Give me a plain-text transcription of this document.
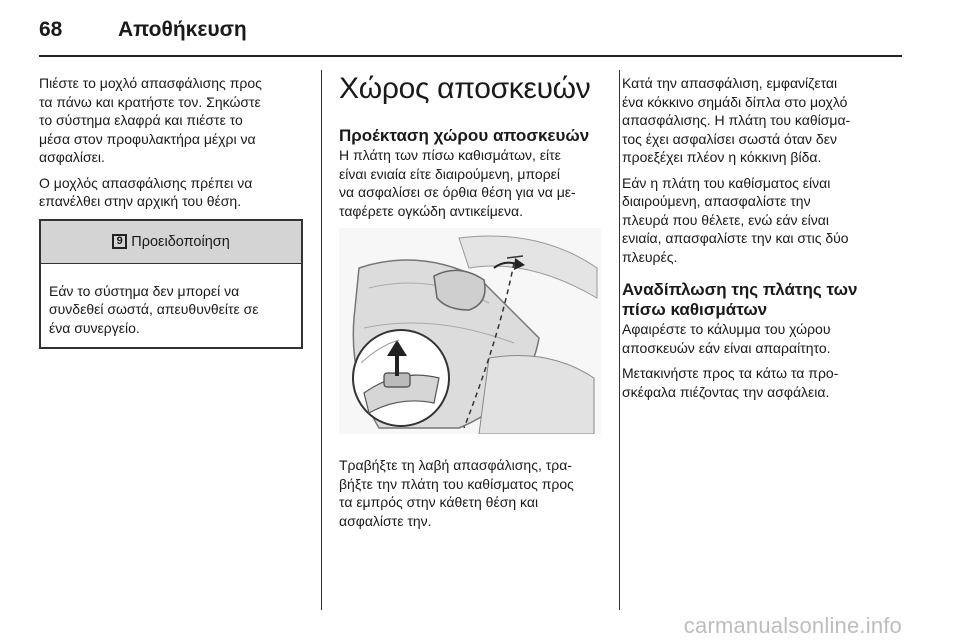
68	Αποθήκευση

Πιέστε το μοχλό απασφάλισης προς
τα πάνω και κρατήστε τον. Σηκώστε
το σύστημα ελαφρά και πιέστε το
μέσα στον προφυλακτήρα μέχρι να
ασφαλίσει.

Ο μοχλός απασφάλισης πρέπει να
επανέλθει στην αρχική του θέση.

9 Προειδοποίηση
Εάν το σύστημα δεν μπορεί να
συνδεθεί σωστά, απευθυνθείτε σε
ένα συνεργείο.
Χώρος αποσκευών
Προέκταση χώρου αποσκευών

Η πλάτη των πίσω καθισμάτων, είτε
είναι ενιαία είτε διαιρούμενη, μπορεί
να ασφαλίσει σε όρθια θέση για να με-
ταφέρετε ογκώδη αντικείμενα.

Τραβήξτε τη λαβή απασφάλισης, τρα-
βήξτε την πλάτη του καθίσματος προς
τα εμπρός στην κάθετη θέση και
ασφαλίστε την.

Κατά την απασφάλιση, εμφανίζεται
ένα κόκκινο σημάδι δίπλα στο μοχλό
απασφάλισης. Η πλάτη του καθίσμα-
τος έχει ασφαλίσει σωστά όταν δεν
προεξέχει πλέον η κόκκινη βίδα.

Εάν η πλάτη του καθίσματος είναι
διαιρούμενη, απασφαλίστε την
πλευρά που θέλετε, ενώ εάν είναι
ενιαία, απασφαλίστε την και στις δύο
πλευρές.

Αναδίπλωση της πλάτης των
πίσω καθισμάτων

Αφαιρέστε το κάλυμμα του χώρου
αποσκευών εάν είναι απαραίτητο.

Μετακινήστε προς τα κάτω τα προ-
σκέφαλα πιέζοντας την ασφάλεια.

carmanualsonline.info
